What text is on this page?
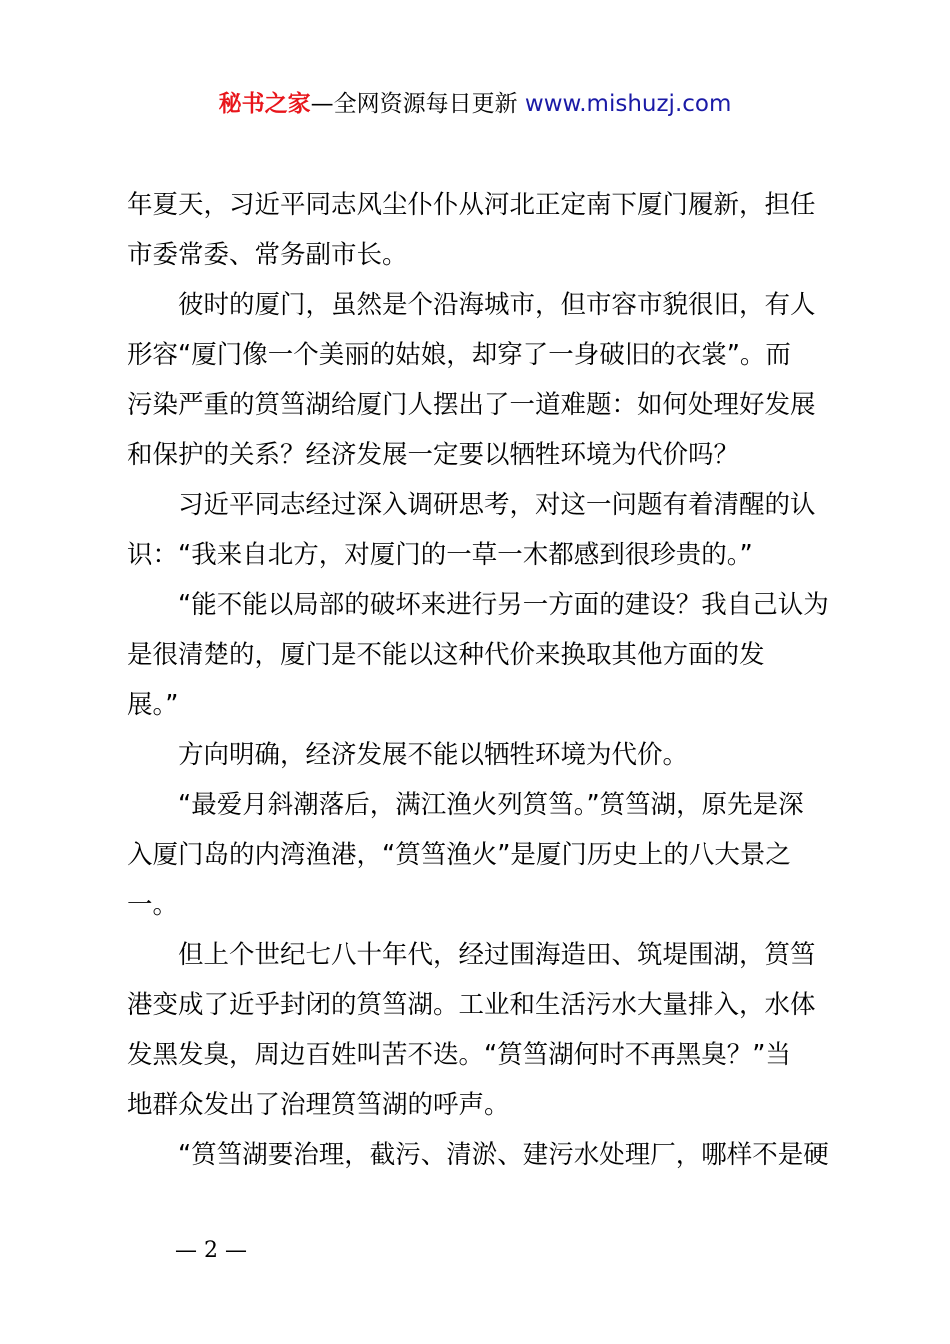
秘书之家—全网资源每日更新 www.mishuzj.com

年夏天，习近平同志风尘仆仆从河北正定南下厦门履新，担任
市委常委、常务副市长。

彼时的厦门，虽然是个沿海城市，但市容市貌很旧，有人
形容“厦门像一个美丽的姑娘，却穿了一身破旧的衣裳”。而
污染严重的筼筜湖给厦门人摆出了一道难题：如何处理好发展
和保护的关系？经济发展一定要以牺牲环境为代价吗？

习近平同志经过深入调研思考，对这一问题有着清醒的认
识：“我来自北方，对厦门的一草一木都感到很珍贵的。”

“能不能以局部的破坏来进行另一方面的建设？我自己认为
是很清楚的，厦门是不能以这种代价来换取其他方面的发
展。”

方向明确，经济发展不能以牺牲环境为代价。

“最爱月斜潮落后，满江渔火列筼筜。”筼筜湖，原先是深
入厦门岛的内湾渔港，“筼筜渔火”是厦门历史上的八大景之
一。

但上个世纪七八十年代，经过围海造田、筑堤围湖，筼筜
港变成了近乎封闭的筼筜湖。工业和生活污水大量排入，水体
发黑发臭，周边百姓叫苦不迭。“筼筜湖何时不再黑臭？”当
地群众发出了治理筼筜湖的呼声。

“筼筜湖要治理，截污、清淤、建污水处理厂，哪样不是硬

— 2 —
